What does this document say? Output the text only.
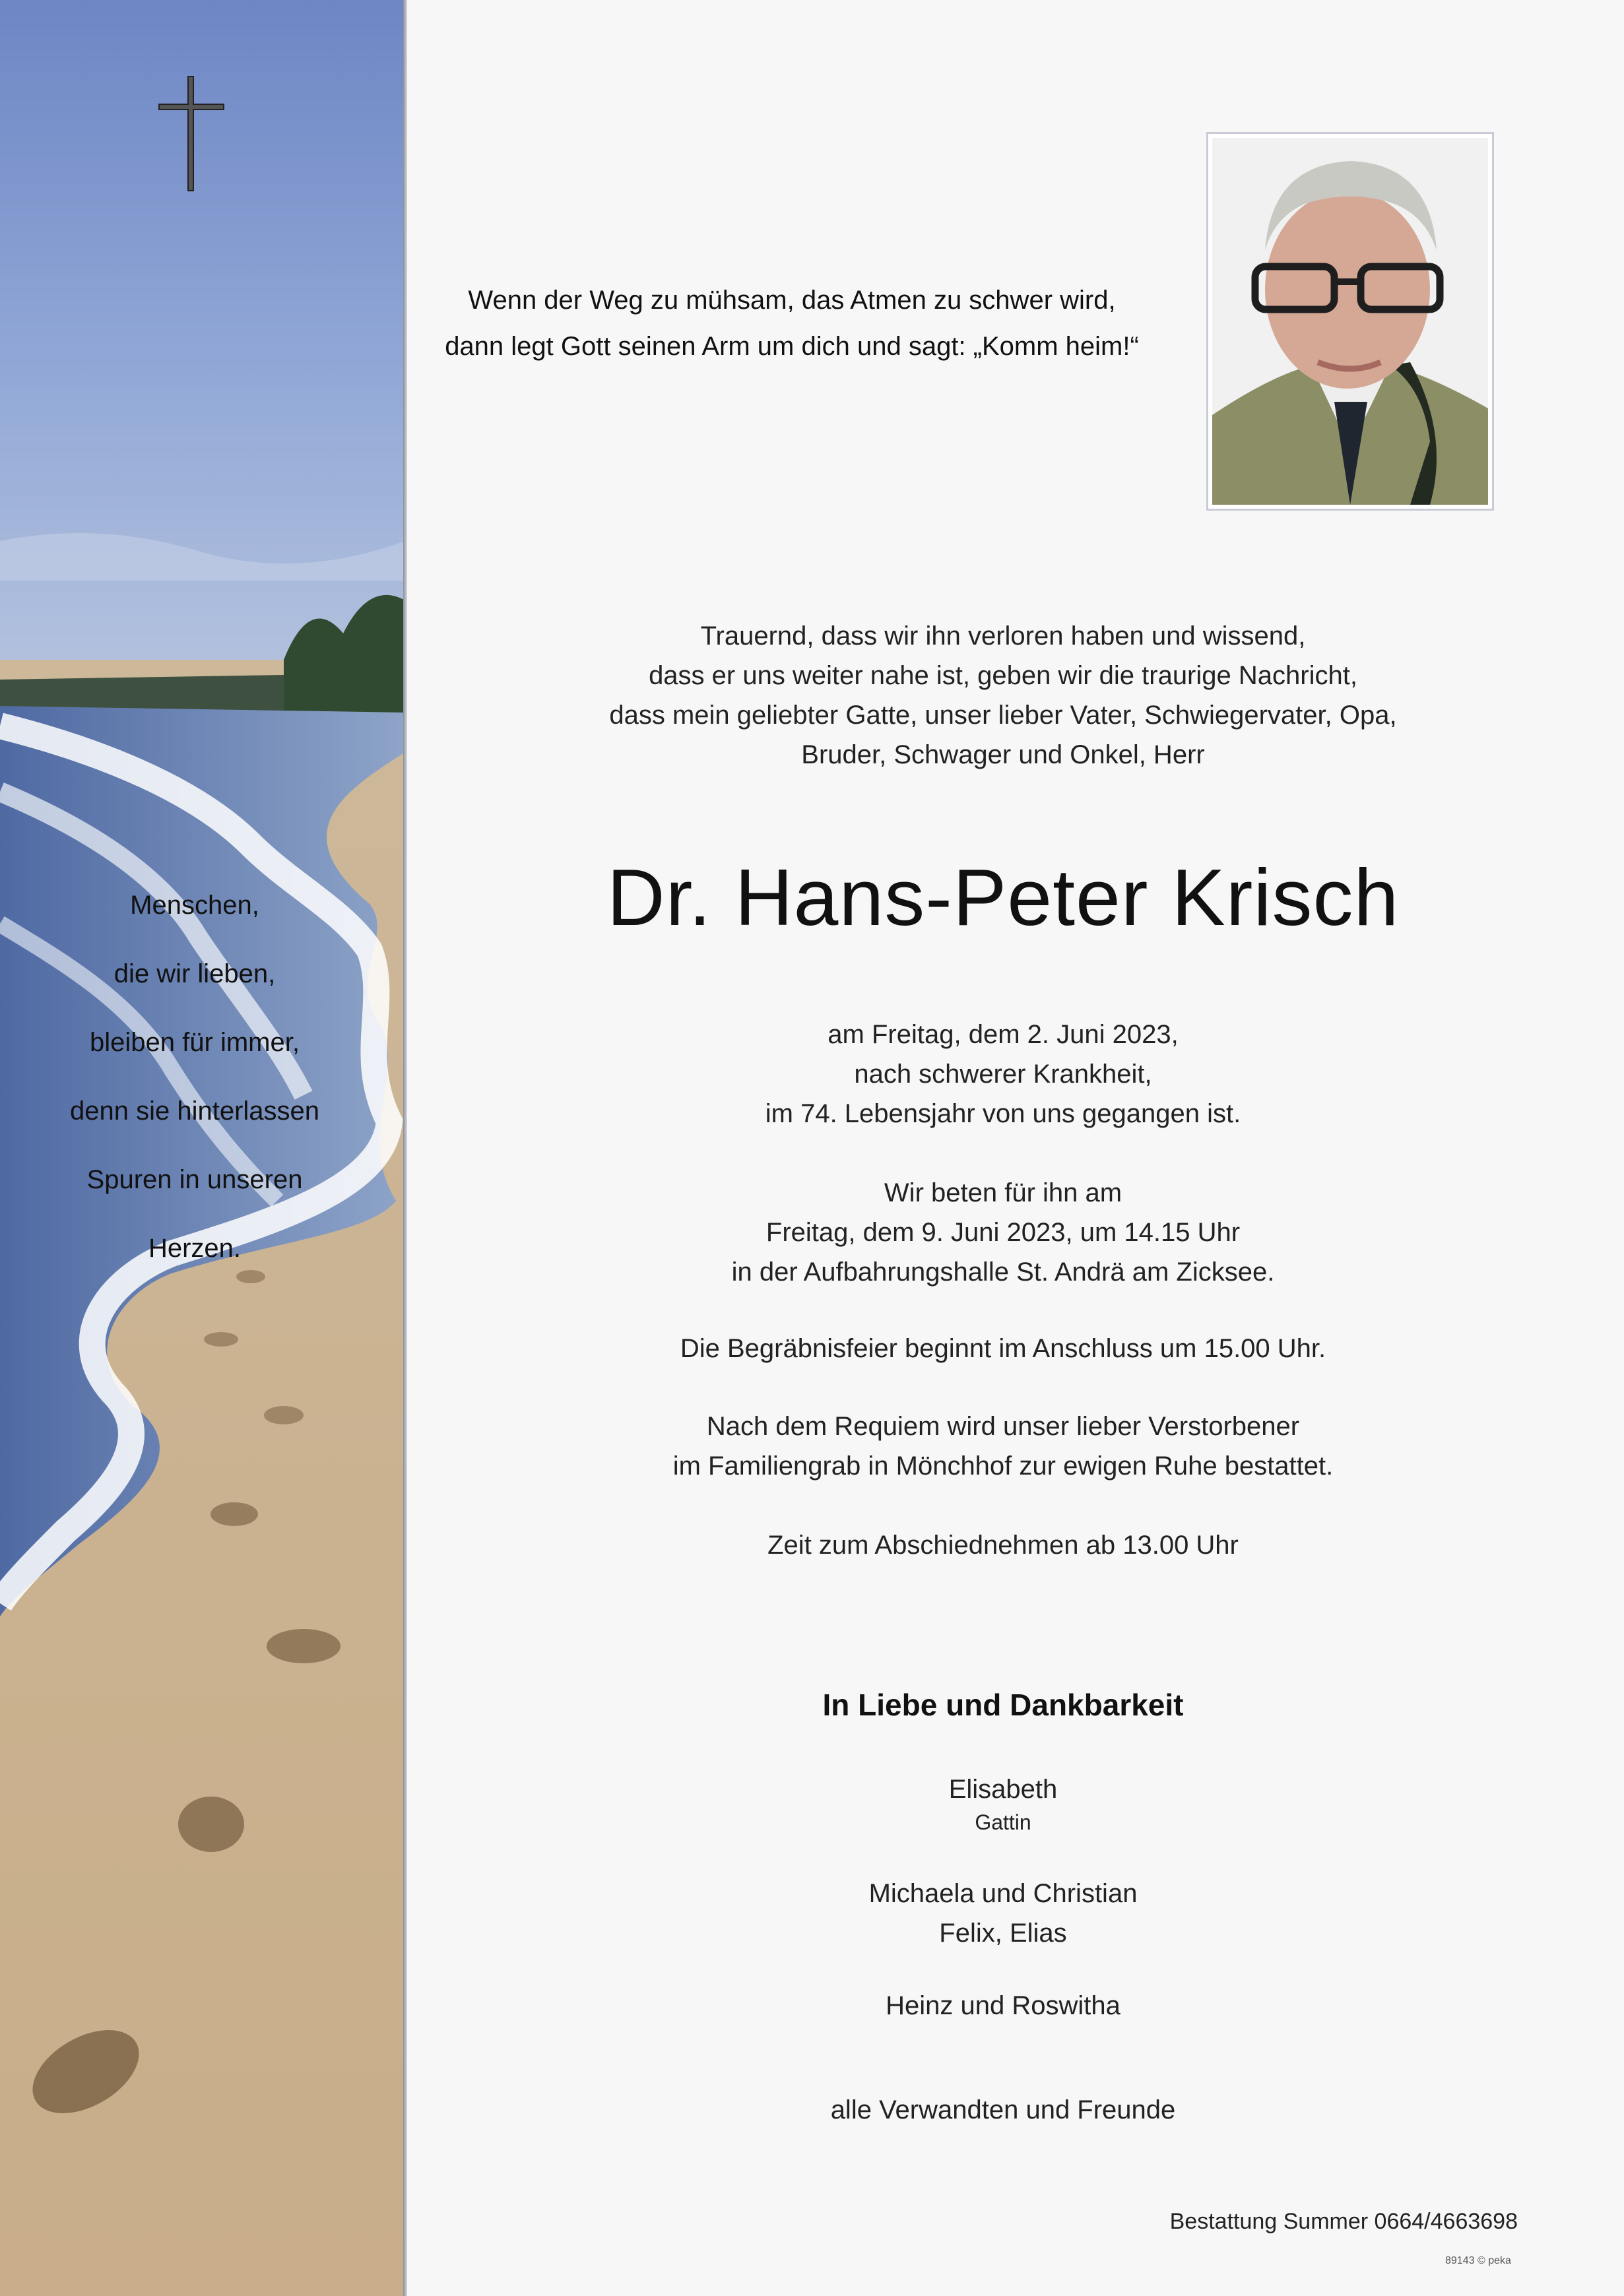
Menschen,
die wir lieben,
bleiben für immer,
denn sie hinterlassen
Spuren in unseren
Herzen.
Wenn der Weg zu mühsam, das Atmen zu schwer wird,
dann legt Gott seinen Arm um dich und sagt: „Komm heim!“
Trauernd, dass wir ihn verloren haben und wissend,
dass er uns weiter nahe ist, geben wir die traurige Nachricht,
dass mein geliebter Gatte, unser lieber Vater, Schwiegervater, Opa,
Bruder, Schwager und Onkel, Herr
Dr. Hans-Peter Krisch
am Freitag, dem 2. Juni 2023,
nach schwerer Krankheit,
im 74. Lebensjahr von uns gegangen ist.
Wir beten für ihn am
Freitag, dem 9. Juni 2023, um 14.15 Uhr
in der Aufbahrungshalle St. Andrä am Zicksee.
Die Begräbnisfeier beginnt im Anschluss um 15.00 Uhr.
Nach dem Requiem wird unser lieber Verstorbener
im Familiengrab in Mönchhof zur ewigen Ruhe bestattet.
Zeit zum Abschiednehmen ab 13.00 Uhr
In Liebe und Dankbarkeit
Elisabeth
Gattin
Michaela und Christian
Felix, Elias
Heinz und Roswitha
alle Verwandten und Freunde
Bestattung Summer 0664/4663698
89143 © peka
